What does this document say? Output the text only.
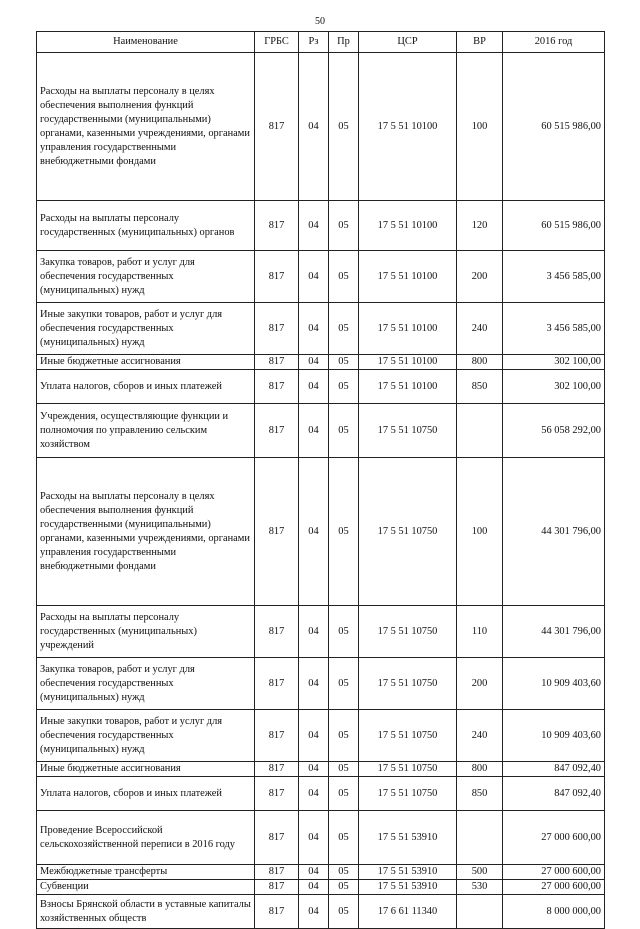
50
Наименование	ГРБС	Рз	Пр	ЦСР	ВР	2016 год
Расходы на выплаты персоналу в целях обеспечения выполнения функций государственными (муниципальными) органами, казенными учреждениями, органами управления государственными внебюджетными фондами	817	04	05	17 5 51 10100	100	60 515 986,00
Расходы на выплаты персоналу государственных (муниципальных) органов	817	04	05	17 5 51 10100	120	60 515 986,00
Закупка товаров, работ и услуг для обеспечения государственных (муниципальных) нужд	817	04	05	17 5 51 10100	200	3 456 585,00
Иные закупки товаров, работ и услуг для обеспечения государственных (муниципальных) нужд	817	04	05	17 5 51 10100	240	3 456 585,00
Иные бюджетные ассигнования	817	04	05	17 5 51 10100	800	302 100,00
Уплата налогов, сборов и иных платежей	817	04	05	17 5 51 10100	850	302 100,00
Учреждения, осуществляющие функции и полномочия по управлению сельским хозяйством	817	04	05	17 5 51 10750		56 058 292,00
Расходы на выплаты персоналу в целях обеспечения выполнения функций государственными (муниципальными) органами, казенными учреждениями, органами управления государственными внебюджетными фондами	817	04	05	17 5 51 10750	100	44 301 796,00
Расходы на выплаты персоналу государственных (муниципальных) учреждений	817	04	05	17 5 51 10750	110	44 301 796,00
Закупка товаров, работ и услуг для обеспечения государственных (муниципальных) нужд	817	04	05	17 5 51 10750	200	10 909 403,60
Иные закупки товаров, работ и услуг для обеспечения государственных (муниципальных) нужд	817	04	05	17 5 51 10750	240	10 909 403,60
Иные бюджетные ассигнования	817	04	05	17 5 51 10750	800	847 092,40
Уплата налогов, сборов и иных платежей	817	04	05	17 5 51 10750	850	847 092,40
Проведение Всероссийской сельскохозяйственной переписи в 2016 году	817	04	05	17 5 51 53910		27 000 600,00
Межбюджетные трансферты	817	04	05	17 5 51 53910	500	27 000 600,00
Субвенции	817	04	05	17 5 51 53910	530	27 000 600,00
Взносы Брянской области в уставные капиталы хозяйственных обществ	817	04	05	17 6 61 11340		8 000 000,00
